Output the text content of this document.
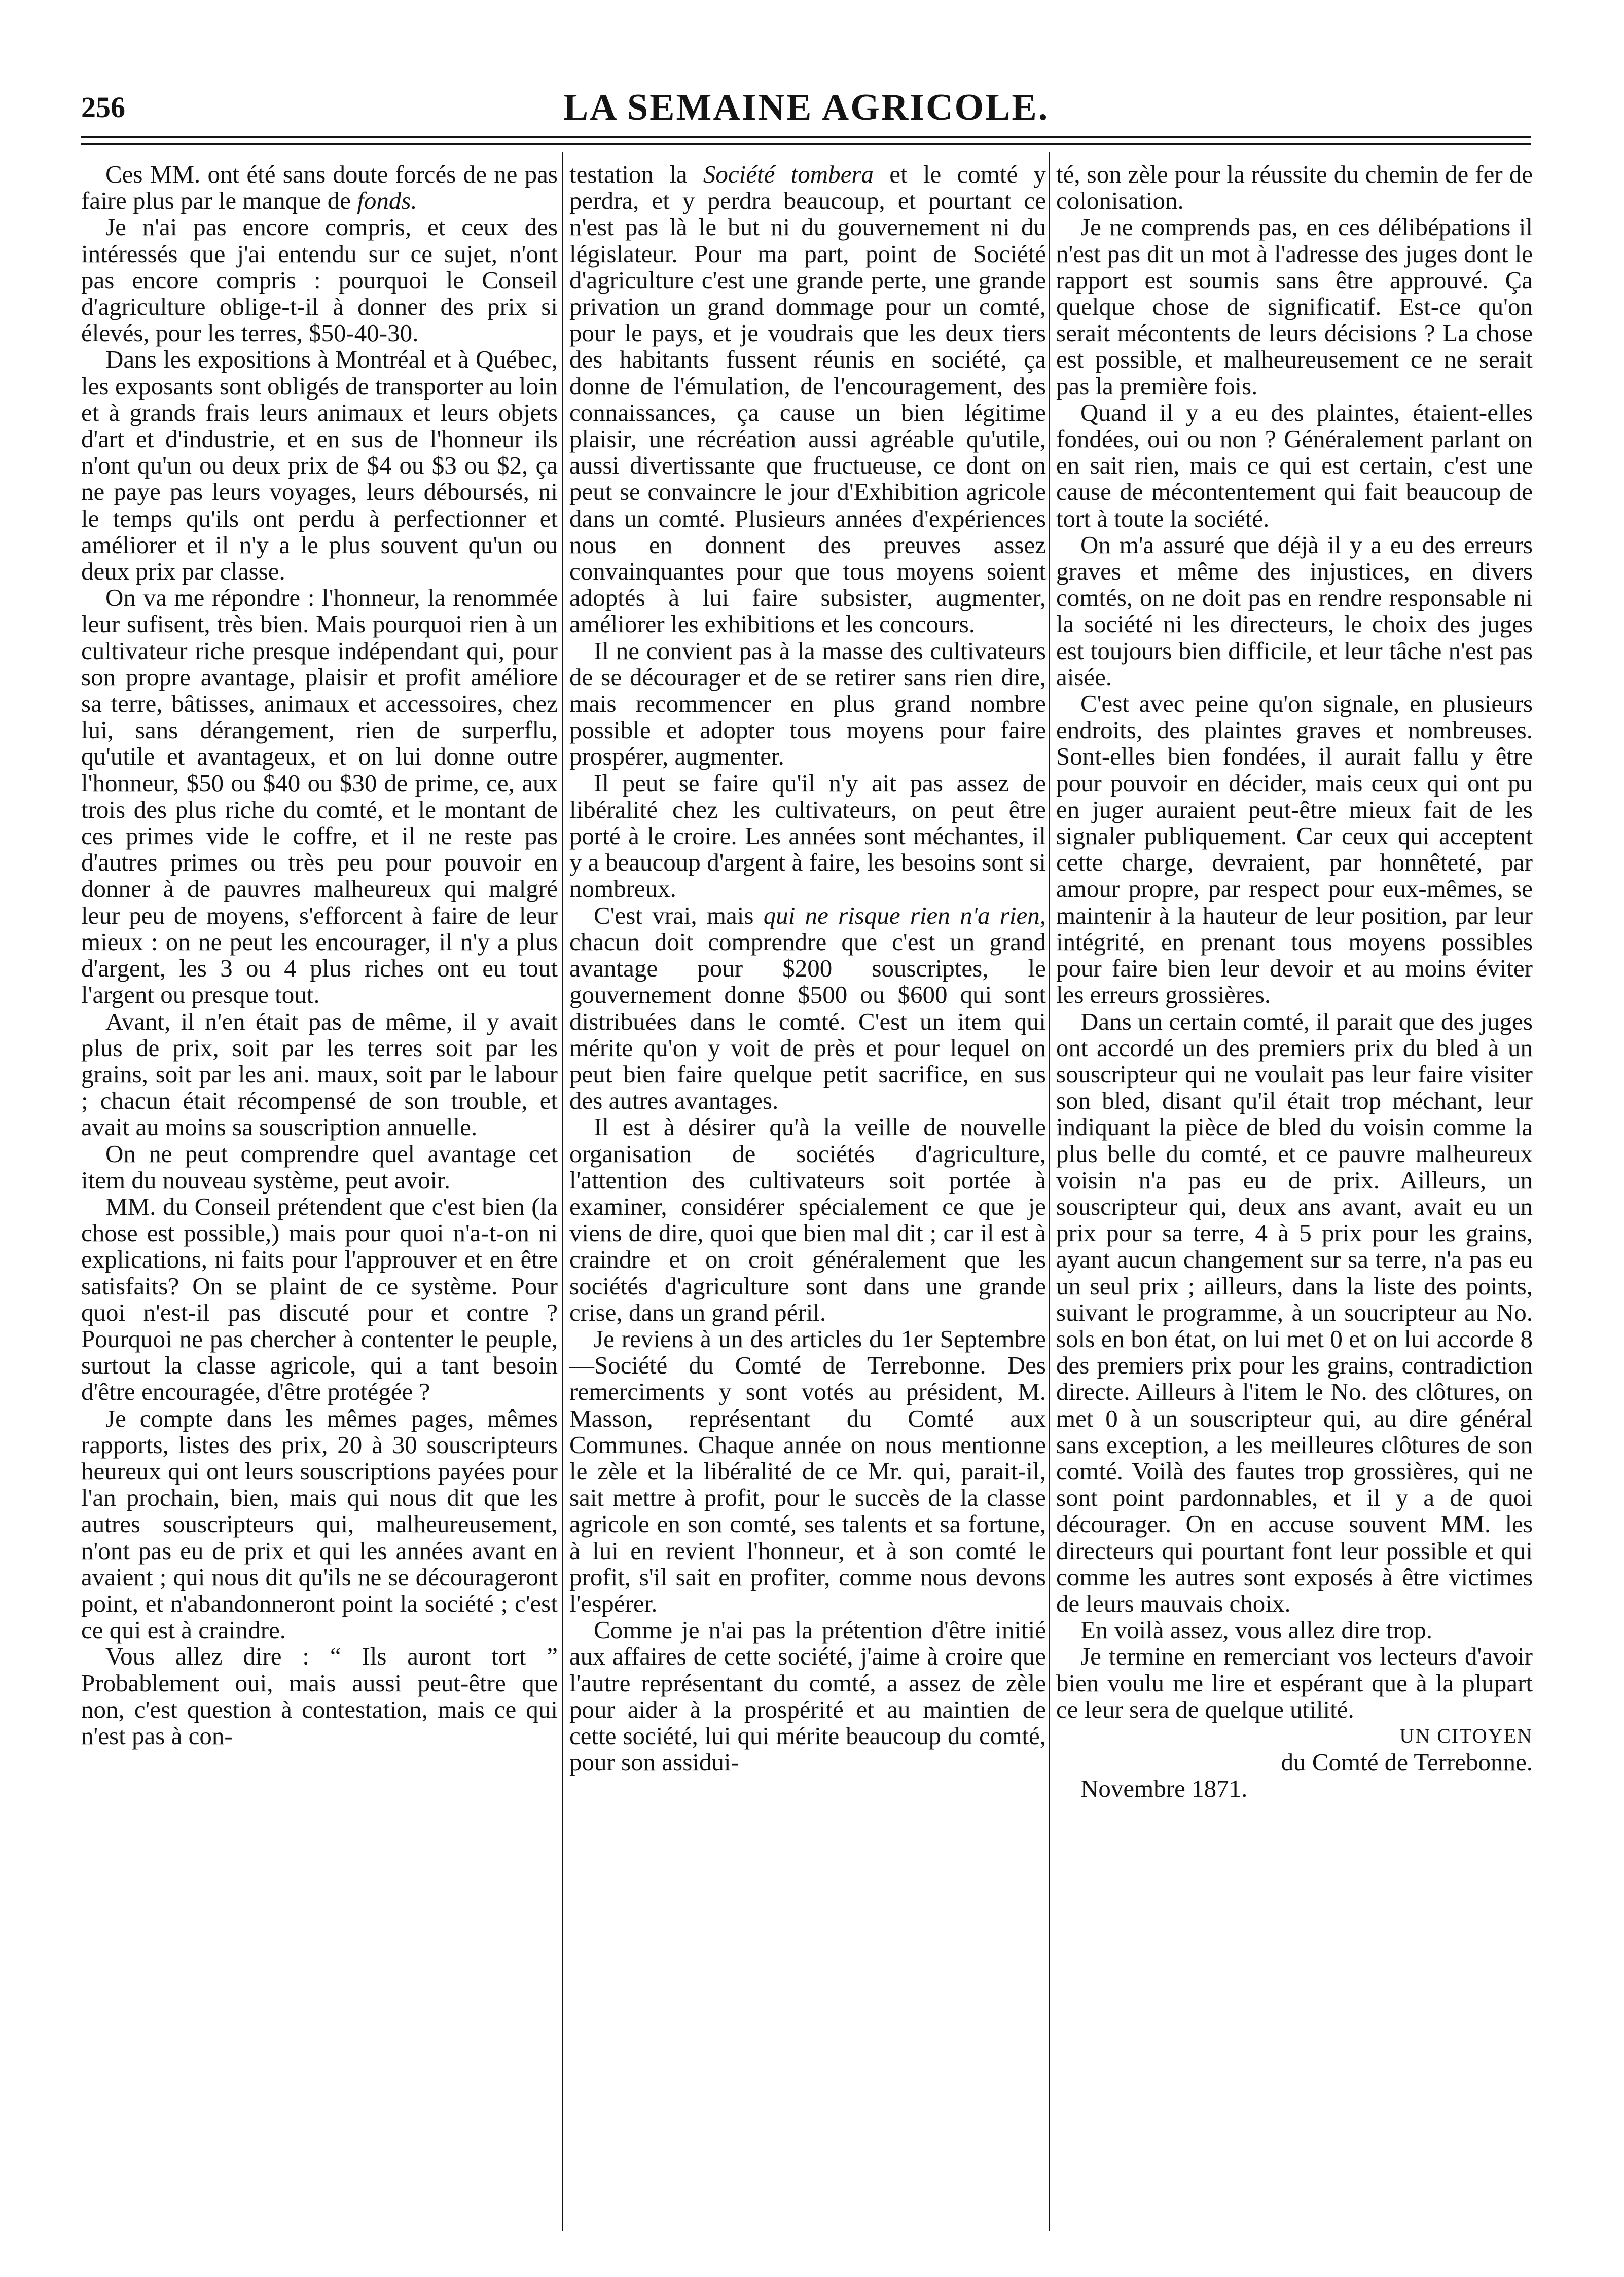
256	LA SEMAINE AGRICOLE.

Ces MM. ont été sans doute forcés de ne pas faire plus par le manque de fonds.

Je n'ai pas encore compris, et ceux des intéressés que j'ai entendu sur ce sujet, n'ont pas encore compris : pourquoi le Conseil d'agriculture oblige-t-il à donner des prix si élevés, pour les terres, $50-40-30.

Dans les expositions à Montréal et à Québec, les exposants sont obligés de transporter au loin et à grands frais leurs animaux et leurs objets d'art et d'industrie, et en sus de l'honneur ils n'ont qu'un ou deux prix de $4 ou $3 ou $2, ça ne paye pas leurs voyages, leurs déboursés, ni le temps qu'ils ont perdu à perfectionner et améliorer et il n'y a le plus souvent qu'un ou deux prix par classe.

On va me répondre : l'honneur, la renommée leur sufisent, très bien. Mais pourquoi rien à un cultivateur riche presque indépendant qui, pour son propre avantage, plaisir et profit améliore sa terre, bâtisses, animaux et accessoires, chez lui, sans dérangement, rien de surperflu, qu'utile et avantageux, et on lui donne outre l'honneur, $50 ou $40 ou $30 de prime, ce, aux trois des plus riche du comté, et le montant de ces primes vide le coffre, et il ne reste pas d'autres primes ou très peu pour pouvoir en donner à de pauvres malheureux qui malgré leur peu de moyens, s'efforcent à faire de leur mieux : on ne peut les encourager, il n'y a plus d'argent, les 3 ou 4 plus riches ont eu tout l'argent ou presque tout.

Avant, il n'en était pas de même, il y avait plus de prix, soit par les terres soit par les grains, soit par les ani. maux, soit par le labour ; chacun était récompensé de son trouble, et avait au moins sa souscription annuelle.

On ne peut comprendre quel avantage cet item du nouveau système, peut avoir.

MM. du Conseil prétendent que c'est bien (la chose est possible,) mais pour quoi n'a-t-on ni explications, ni faits pour l'approuver et en être satisfaits? On se plaint de ce système. Pour quoi n'est-il pas discuté pour et contre ? Pourquoi ne pas chercher à contenter le peuple, surtout la classe agricole, qui a tant besoin d'être encouragée, d'être protégée ?

Je compte dans les mêmes pages, mêmes rapports, listes des prix, 20 à 30 souscripteurs heureux qui ont leurs souscriptions payées pour l'an prochain, bien, mais qui nous dit que les autres souscripteurs qui, malheureusement, n'ont pas eu de prix et qui les années avant en avaient ; qui nous dit qu'ils ne se décourageront point, et n'abandonneront point la société ; c'est ce qui est à craindre.

Vous allez dire : “ Ils auront tort ” Probablement oui, mais aussi peut-être que non, c'est question à contestation, mais ce qui n'est pas à con-

testation la Société tombera et le comté y perdra, et y perdra beaucoup, et pourtant ce n'est pas là le but ni du gouvernement ni du législateur. Pour ma part, point de Société d'agriculture c'est une grande perte, une grande privation un grand dommage pour un comté, pour le pays, et je voudrais que les deux tiers des habitants fussent réunis en société, ça donne de l'émulation, de l'encouragement, des connaissances, ça cause un bien légitime plaisir, une récréation aussi agréable qu'utile, aussi divertissante que fructueuse, ce dont on peut se convaincre le jour d'Exhibition agricole dans un comté. Plusieurs années d'expériences nous en donnent des preuves assez convainquantes pour que tous moyens soient adoptés à lui faire subsister, augmenter, améliorer les exhibitions et les concours.

Il ne convient pas à la masse des cultivateurs de se décourager et de se retirer sans rien dire, mais recommencer en plus grand nombre possible et adopter tous moyens pour faire prospérer, augmenter.

Il peut se faire qu'il n'y ait pas assez de libéralité chez les cultivateurs, on peut être porté à le croire. Les années sont méchantes, il y a beaucoup d'argent à faire, les besoins sont si nombreux.

C'est vrai, mais qui ne risque rien n'a rien, chacun doit comprendre que c'est un grand avantage pour $200 souscriptes, le gouvernement donne $500 ou $600 qui sont distribuées dans le comté. C'est un item qui mérite qu'on y voit de près et pour lequel on peut bien faire quelque petit sacrifice, en sus des autres avantages.

Il est à désirer qu'à la veille de nouvelle organisation de sociétés d'agriculture, l'attention des cultivateurs soit portée à examiner, considérer spécialement ce que je viens de dire, quoi que bien mal dit ; car il est à craindre et on croit généralement que les sociétés d'agriculture sont dans une grande crise, dans un grand péril.

Je reviens à un des articles du 1er Septembre—Société du Comté de Terrebonne. Des remerciments y sont votés au président, M. Masson, représentant du Comté aux Communes. Chaque année on nous mentionne le zèle et la libéralité de ce Mr. qui, parait-il, sait mettre à profit, pour le succès de la classe agricole en son comté, ses talents et sa fortune, à lui en revient l'honneur, et à son comté le profit, s'il sait en profiter, comme nous devons l'espérer.

Comme je n'ai pas la prétention d'être initié aux affaires de cette société, j'aime à croire que l'autre représentant du comté, a assez de zèle pour aider à la prospérité et au maintien de cette société, lui qui mérite beaucoup du comté, pour son assidui-

té, son zèle pour la réussite du chemin de fer de colonisation.

Je ne comprends pas, en ces délibépations il n'est pas dit un mot à l'adresse des juges dont le rapport est soumis sans être approuvé. Ça quelque chose de significatif. Est-ce qu'on serait mécontents de leurs décisions ? La chose est possible, et malheureusement ce ne serait pas la première fois.

Quand il y a eu des plaintes, étaient-elles fondées, oui ou non ? Généralement parlant on en sait rien, mais ce qui est certain, c'est une cause de mécontentement qui fait beaucoup de tort à toute la société.

On m'a assuré que déjà il y a eu des erreurs graves et même des injustices, en divers comtés, on ne doit pas en rendre responsable ni la société ni les directeurs, le choix des juges est toujours bien difficile, et leur tâche n'est pas aisée.

C'est avec peine qu'on signale, en plusieurs endroits, des plaintes graves et nombreuses. Sont-elles bien fondées, il aurait fallu y être pour pouvoir en décider, mais ceux qui ont pu en juger auraient peut-être mieux fait de les signaler publiquement. Car ceux qui acceptent cette charge, devraient, par honnêteté, par amour propre, par respect pour eux-mêmes, se maintenir à la hauteur de leur position, par leur intégrité, en prenant tous moyens possibles pour faire bien leur devoir et au moins éviter les erreurs grossières.

Dans un certain comté, il parait que des juges ont accordé un des premiers prix du bled à un souscripteur qui ne voulait pas leur faire visiter son bled, disant qu'il était trop méchant, leur indiquant la pièce de bled du voisin comme la plus belle du comté, et ce pauvre malheureux voisin n'a pas eu de prix. Ailleurs, un souscripteur qui, deux ans avant, avait eu un prix pour sa terre, 4 à 5 prix pour les grains, ayant aucun changement sur sa terre, n'a pas eu un seul prix ; ailleurs, dans la liste des points, suivant le programme, à un soucripteur au No. sols en bon état, on lui met 0 et on lui accorde 8 des premiers prix pour les grains, contradiction directe. Ailleurs à l'item le No. des clôtures, on met 0 à un souscripteur qui, au dire général sans exception, a les meilleures clôtures de son comté. Voilà des fautes trop grossières, qui ne sont point pardonnables, et il y a de quoi décourager. On en accuse souvent MM. les directeurs qui pourtant font leur possible et qui comme les autres sont exposés à être victimes de leurs mauvais choix.

En voilà assez, vous allez dire trop.

Je termine en remerciant vos lecteurs d'avoir bien voulu me lire et espérant que à la plupart ce leur sera de quelque utilité.

UN CITOYEN

du Comté de Terrebonne.

Novembre 1871.
